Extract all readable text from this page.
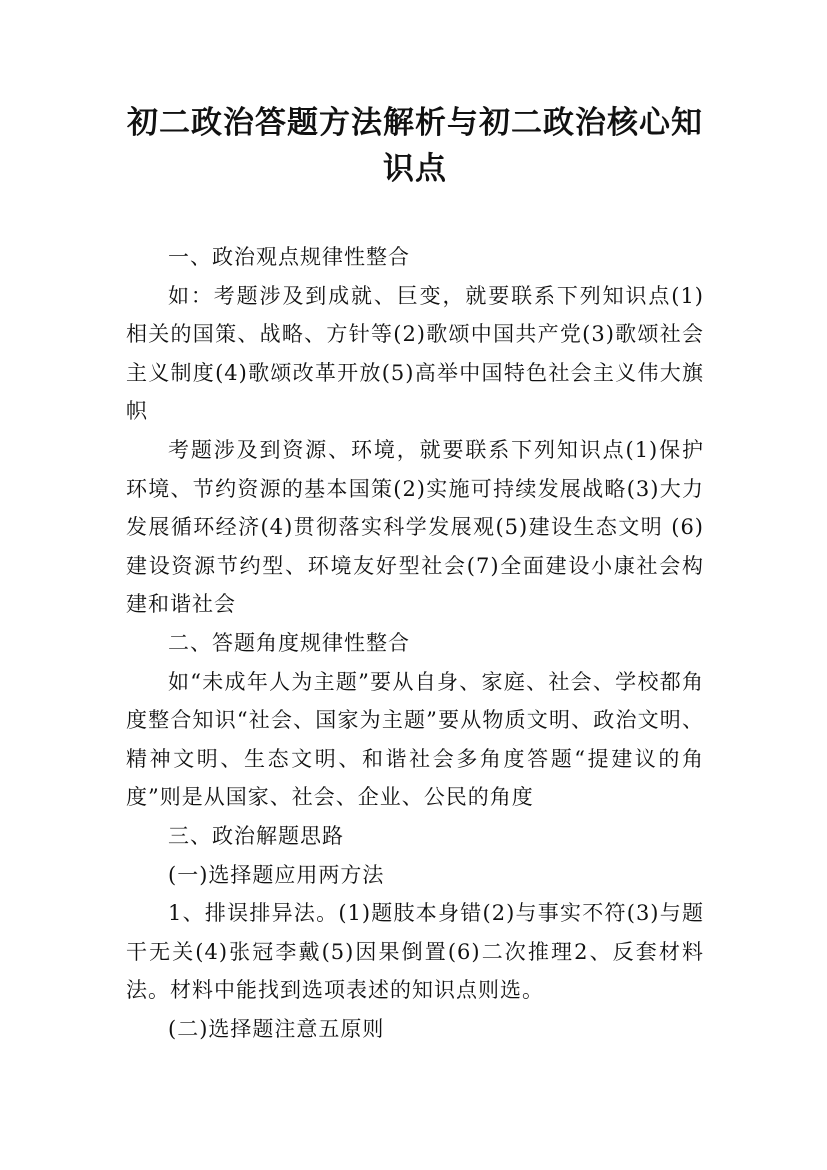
初二政治答题方法解析与初二政治核心知识点

一、政治观点规律性整合

如：考题涉及到成就、巨变，就要联系下列知识点(1)相关的国策、战略、方针等(2)歌颂中国共产党(3)歌颂社会主义制度(4)歌颂改革开放(5)高举中国特色社会主义伟大旗帜

考题涉及到资源、环境，就要联系下列知识点(1)保护环境、节约资源的基本国策(2)实施可持续发展战略(3)大力发展循环经济(4)贯彻落实科学发展观(5)建设生态文明 (6)建设资源节约型、环境友好型社会(7)全面建设小康社会构建和谐社会

二、答题角度规律性整合

如“未成年人为主题”要从自身、家庭、社会、学校都角度整合知识“社会、国家为主题”要从物质文明、政治文明、精神文明、生态文明、和谐社会多角度答题“提建议的角度”则是从国家、社会、企业、公民的角度

三、政治解题思路

(一)选择题应用两方法

1、排误排异法。(1)题肢本身错(2)与事实不符(3)与题干无关(4)张冠李戴(5)因果倒置(6)二次推理2、反套材料法。材料中能找到选项表述的知识点则选。

(二)选择题注意五原则
